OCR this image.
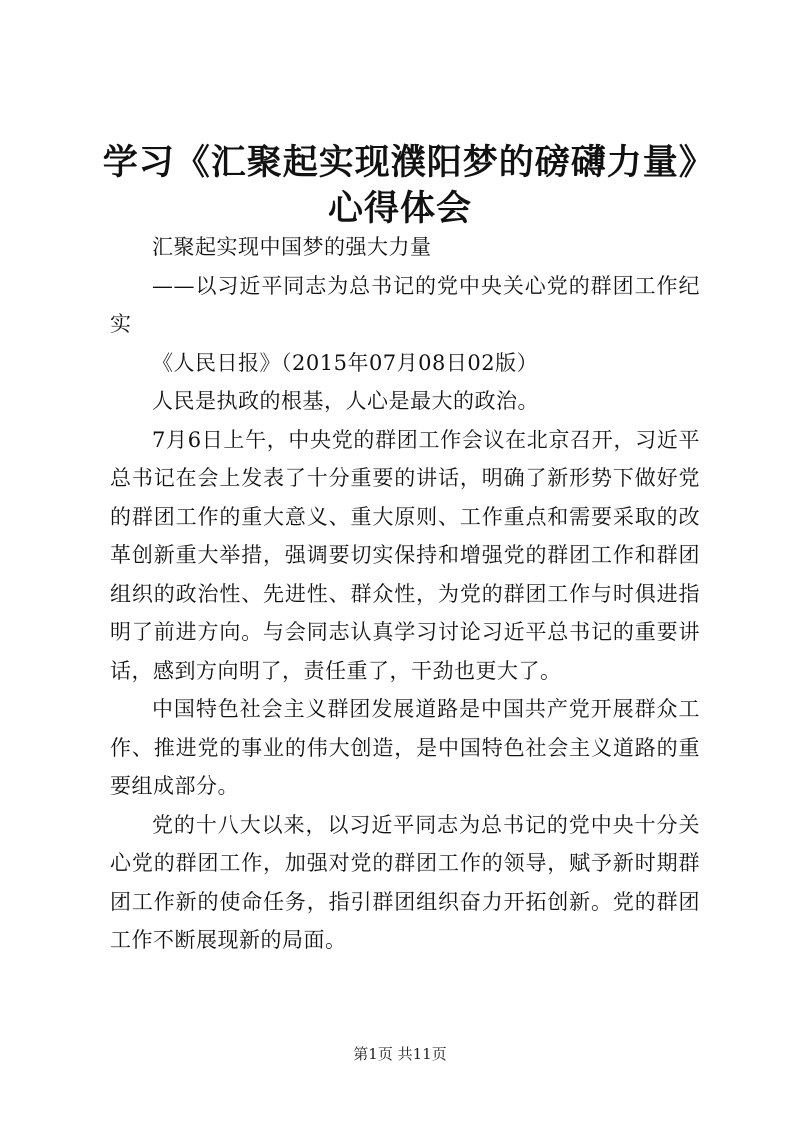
学习《汇聚起实现濮阳梦的磅礴力量》心得体会

汇聚起实现中国梦的强大力量

——以习近平同志为总书记的党中央关心党的群团工作纪实

《人民日报》（2015年07月08日02版）

人民是执政的根基，人心是最大的政治。

7月6日上午，中央党的群团工作会议在北京召开，习近平总书记在会上发表了十分重要的讲话，明确了新形势下做好党的群团工作的重大意义、重大原则、工作重点和需要采取的改革创新重大举措，强调要切实保持和增强党的群团工作和群团组织的政治性、先进性、群众性，为党的群团工作与时俱进指明了前进方向。与会同志认真学习讨论习近平总书记的重要讲话，感到方向明了，责任重了，干劲也更大了。

中国特色社会主义群团发展道路是中国共产党开展群众工作、推进党的事业的伟大创造，是中国特色社会主义道路的重要组成部分。

党的十八大以来，以习近平同志为总书记的党中央十分关心党的群团工作，加强对党的群团工作的领导，赋予新时期群团工作新的使命任务，指引群团组织奋力开拓创新。党的群团工作不断展现新的局面。

第1页 共11页
